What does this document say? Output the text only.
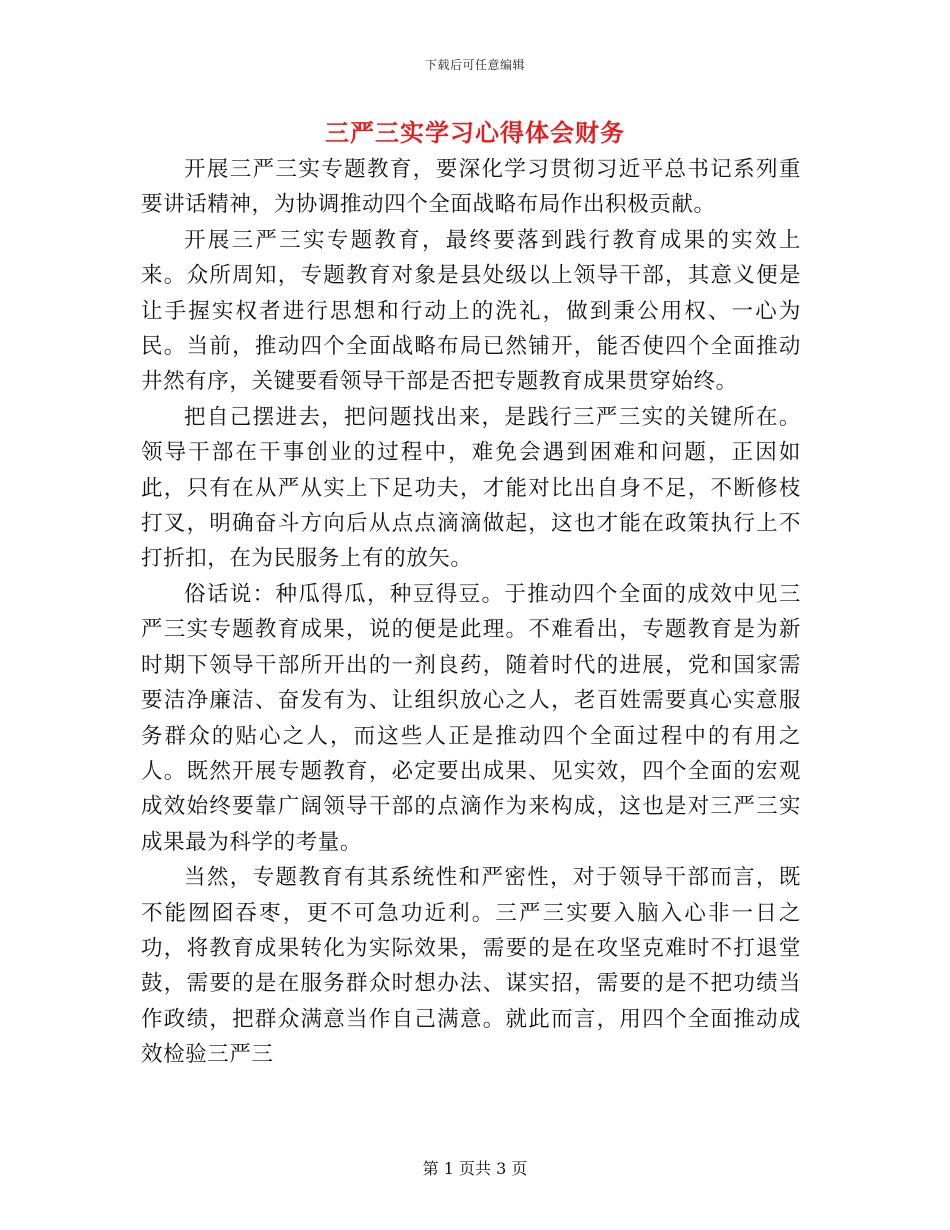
下载后可任意编辑
三严三实学习心得体会财务

开展三严三实专题教育，要深化学习贯彻习近平总书记系列重要讲话精神，为协调推动四个全面战略布局作出积极贡献。

开展三严三实专题教育，最终要落到践行教育成果的实效上来。众所周知，专题教育对象是县处级以上领导干部，其意义便是让手握实权者进行思想和行动上的洗礼，做到秉公用权、一心为民。当前，推动四个全面战略布局已然铺开，能否使四个全面推动井然有序，关键要看领导干部是否把专题教育成果贯穿始终。

把自己摆进去，把问题找出来，是践行三严三实的关键所在。领导干部在干事创业的过程中，难免会遇到困难和问题，正因如此，只有在从严从实上下足功夫，才能对比出自身不足，不断修枝打叉，明确奋斗方向后从点点滴滴做起，这也才能在政策执行上不打折扣，在为民服务上有的放矢。

俗话说：种瓜得瓜，种豆得豆。于推动四个全面的成效中见三严三实专题教育成果，说的便是此理。不难看出，专题教育是为新时期下领导干部所开出的一剂良药，随着时代的进展，党和国家需要洁净廉洁、奋发有为、让组织放心之人，老百姓需要真心实意服务群众的贴心之人，而这些人正是推动四个全面过程中的有用之人。既然开展专题教育，必定要出成果、见实效，四个全面的宏观成效始终要靠广阔领导干部的点滴作为来构成，这也是对三严三实成果最为科学的考量。

当然，专题教育有其系统性和严密性，对于领导干部而言，既不能囫囵吞枣，更不可急功近利。三严三实要入脑入心非一日之功，将教育成果转化为实际效果，需要的是在攻坚克难时不打退堂鼓，需要的是在服务群众时想办法、谋实招，需要的是不把功绩当作政绩，把群众满意当作自己满意。就此而言，用四个全面推动成效检验三严三

第 1 页共 3 页
